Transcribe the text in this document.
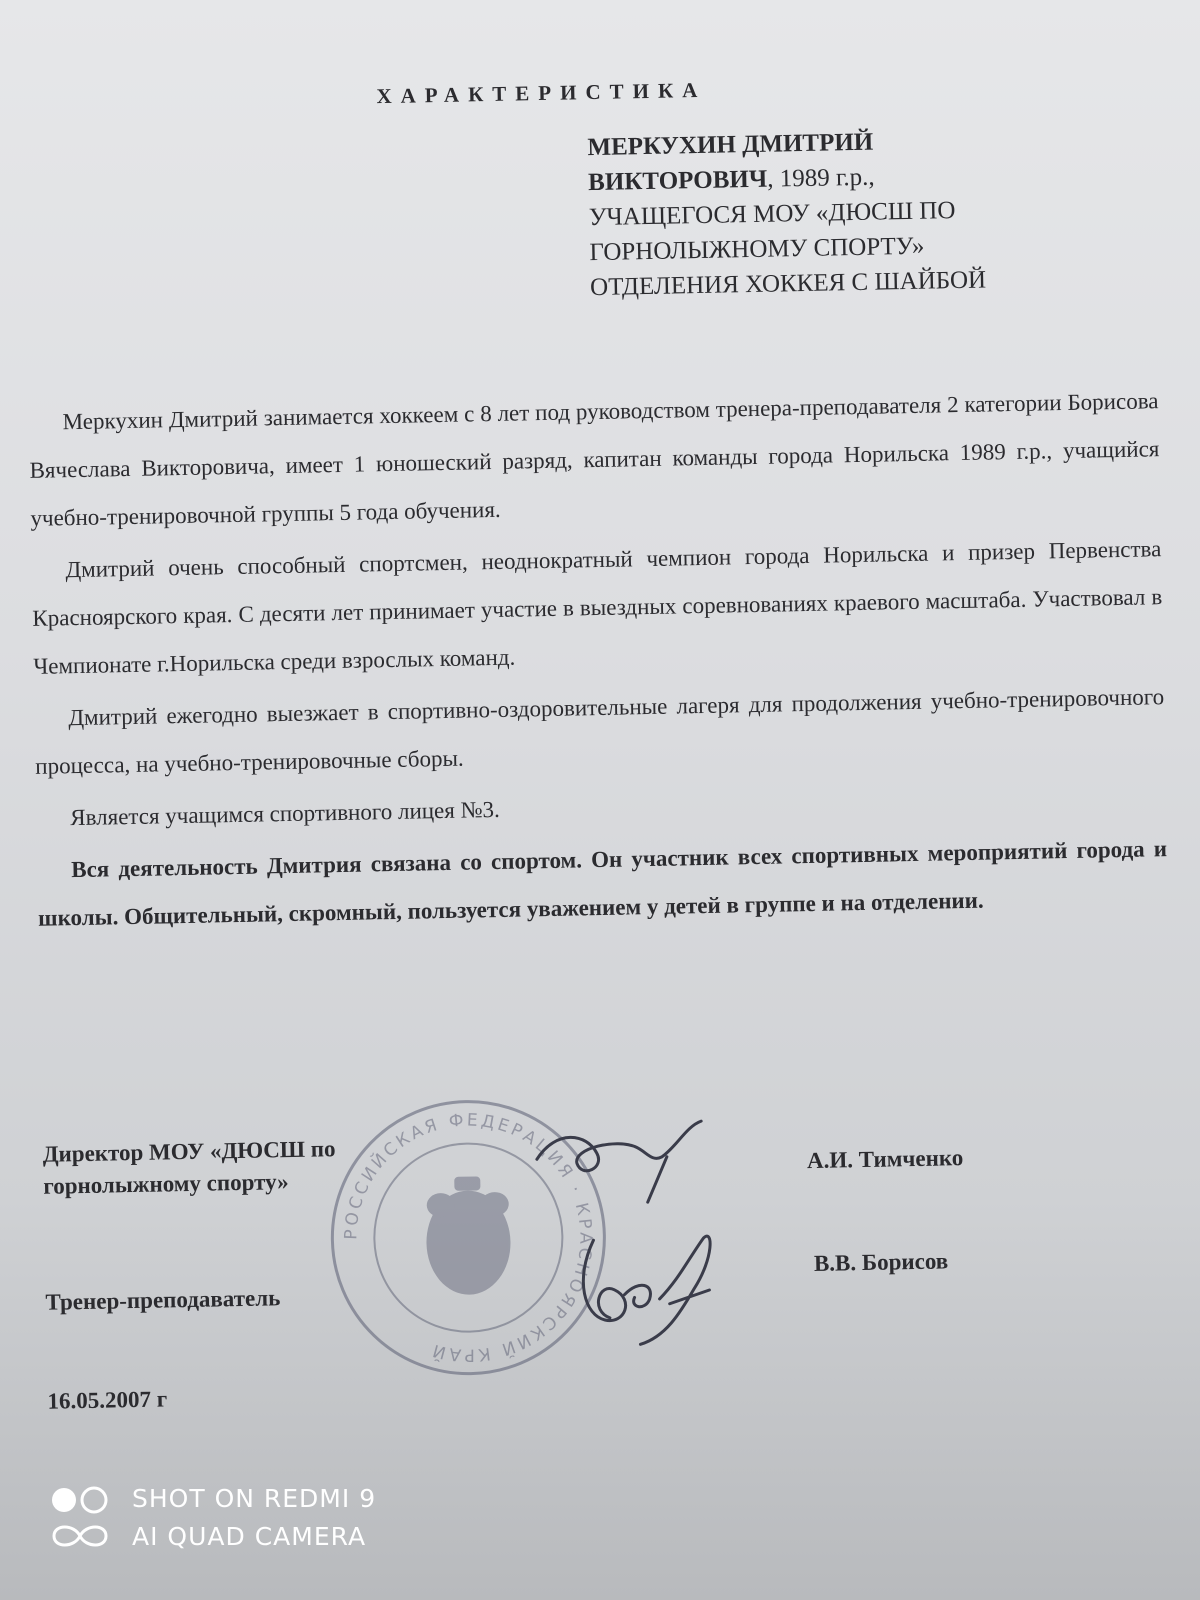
ХАРАКТЕРИСТИКА
МЕРКУХИН ДМИТРИЙ
ВИКТОРОВИЧ, 1989 г.р.,
УЧАЩЕГОСЯ МОУ «ДЮСШ ПО
ГОРНОЛЫЖНОМУ СПОРТУ»
ОТДЕЛЕНИЯ ХОККЕЯ С ШАЙБОЙ

Меркухин Дмитрий занимается хоккеем с 8 лет под руководством тренера-преподавателя 2 категории Борисова Вячеслава Викторовича, имеет 1 юношеский разряд, капитан команды города Норильска 1989 г.р., учащийся учебно-тренировочной группы 5 года обучения.

Дмитрий очень способный спортсмен, неоднократный чемпион города Норильска и призер Первенства Красноярского края. С десяти лет принимает участие в выездных соревнованиях краевого масштаба. Участвовал в Чемпионате г.Норильска среди взрослых команд.

Дмитрий ежегодно выезжает в спортивно-оздоровительные лагеря для продолжения учебно-тренировочного процесса, на учебно-тренировочные сборы.

Является учащимся спортивного лицея №3.

Вся деятельность Дмитрия связана со спортом. Он участник всех спортивных мероприятий города и школы. Общительный, скромный, пользуется уважением у детей в группе и на отделении.

РОССИЙСКАЯ ФЕДЕРАЦИЯ · КРАСНОЯРСКИЙ КРАЙ
Директор МОУ «ДЮСШ по
горнолыжному спорту»
А.И. Тимченко
Тренер-преподаватель
В.В. Борисов
16.05.2007 г
SHOT ON REDMI 9
AI QUAD CAMERA
